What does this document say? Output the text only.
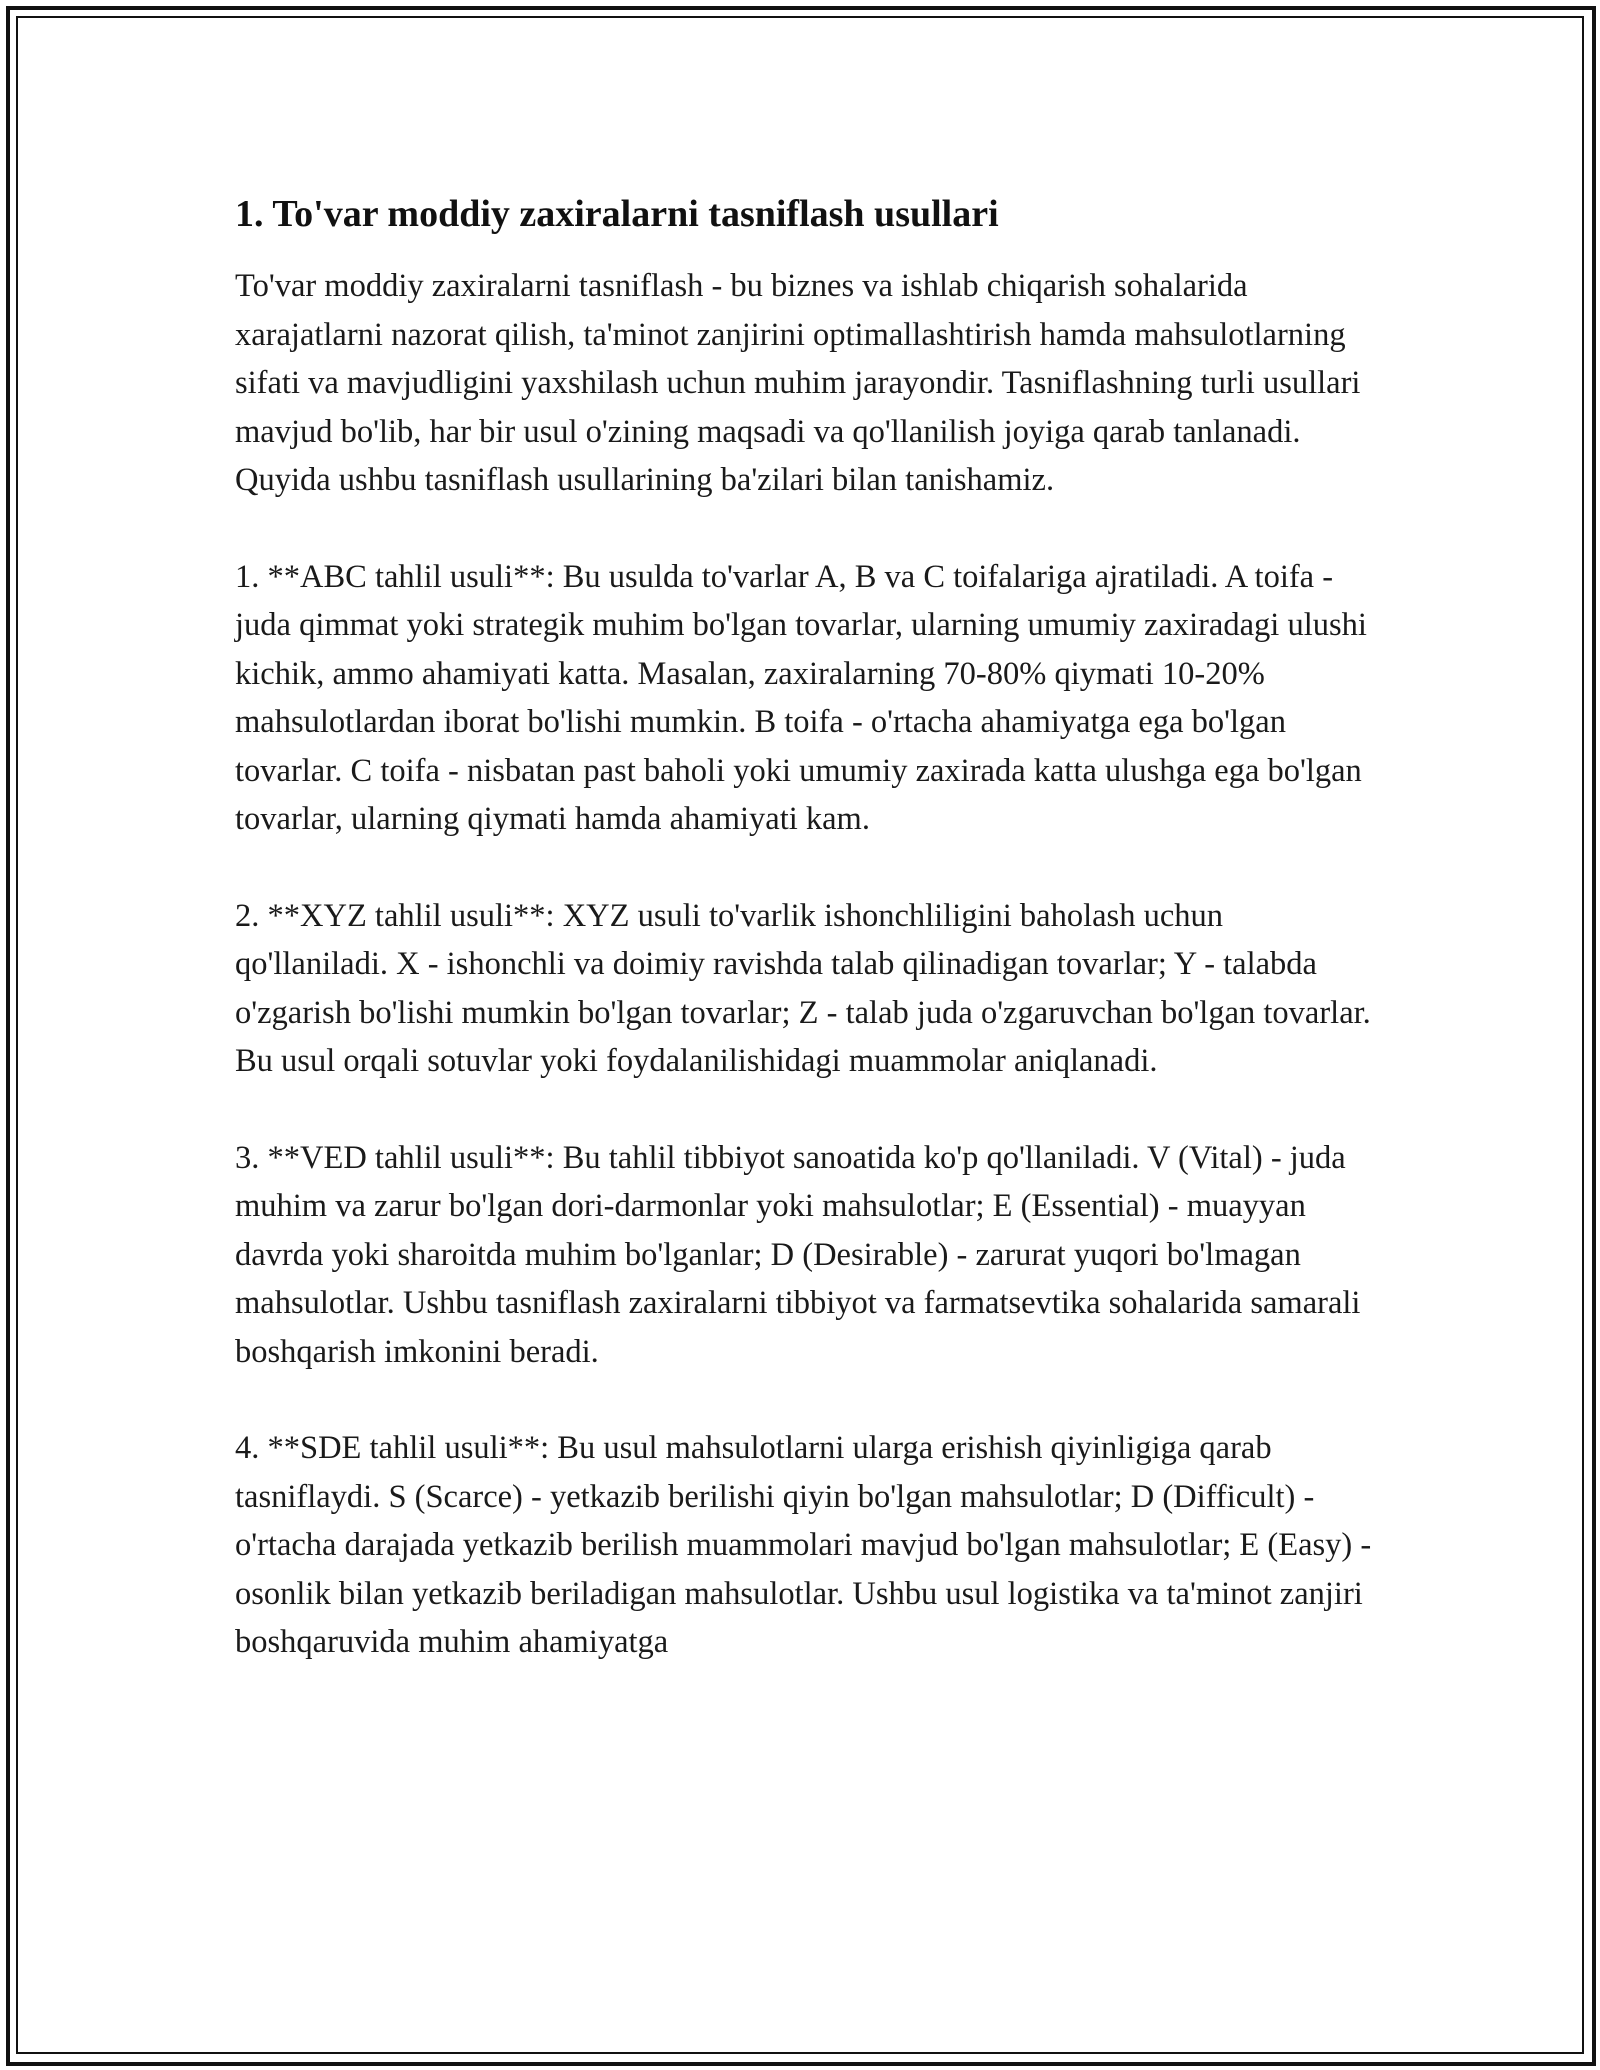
1. To'var moddiy zaxiralarni tasniflash usullari

To'var moddiy zaxiralarni tasniflash - bu biznes va ishlab chiqarish sohalarida xarajatlarni nazorat qilish, ta'minot zanjirini optimallashtirish hamda mahsulotlarning sifati va mavjudligini yaxshilash uchun muhim jarayondir. Tasniflashning turli usullari mavjud bo'lib, har bir usul o'zining maqsadi va qo'llanilish joyiga qarab tanlanadi. Quyida ushbu tasniflash usullarining ba'zilari bilan tanishamiz.

1. **ABC tahlil usuli**: Bu usulda to'varlar A, B va C toifalariga ajratiladi. A toifa - juda qimmat yoki strategik muhim bo'lgan tovarlar, ularning umumiy zaxiradagi ulushi kichik, ammo ahamiyati katta. Masalan, zaxiralarning 70-80% qiymati 10-20% mahsulotlardan iborat bo'lishi mumkin. B toifa - o'rtacha ahamiyatga ega bo'lgan tovarlar. C toifa - nisbatan past baholi yoki umumiy zaxirada katta ulushga ega bo'lgan tovarlar, ularning qiymati hamda ahamiyati kam.

2. **XYZ tahlil usuli**: XYZ usuli to'varlik ishonchliligini baholash uchun qo'llaniladi. X - ishonchli va doimiy ravishda talab qilinadigan tovarlar; Y - talabda o'zgarish bo'lishi mumkin bo'lgan tovarlar; Z - talab juda o'zgaruvchan bo'lgan tovarlar. Bu usul orqali sotuvlar yoki foydalanilishidagi muammolar aniqlanadi.

3. **VED tahlil usuli**: Bu tahlil tibbiyot sanoatida ko'p qo'llaniladi. V (Vital) - juda muhim va zarur bo'lgan dori-darmonlar yoki mahsulotlar; E (Essential) - muayyan davrda yoki sharoitda muhim bo'lganlar; D (Desirable) - zarurat yuqori bo'lmagan mahsulotlar. Ushbu tasniflash zaxiralarni tibbiyot va farmatsevtika sohalarida samarali boshqarish imkonini beradi.

4. **SDE tahlil usuli**: Bu usul mahsulotlarni ularga erishish qiyinligiga qarab tasniflaydi. S (Scarce) - yetkazib berilishi qiyin bo'lgan mahsulotlar; D (Difficult) - o'rtacha darajada yetkazib berilish muammolari mavjud bo'lgan mahsulotlar; E (Easy) - osonlik bilan yetkazib beriladigan mahsulotlar. Ushbu usul logistika va ta'minot zanjiri boshqaruvida muhim ahamiyatga
